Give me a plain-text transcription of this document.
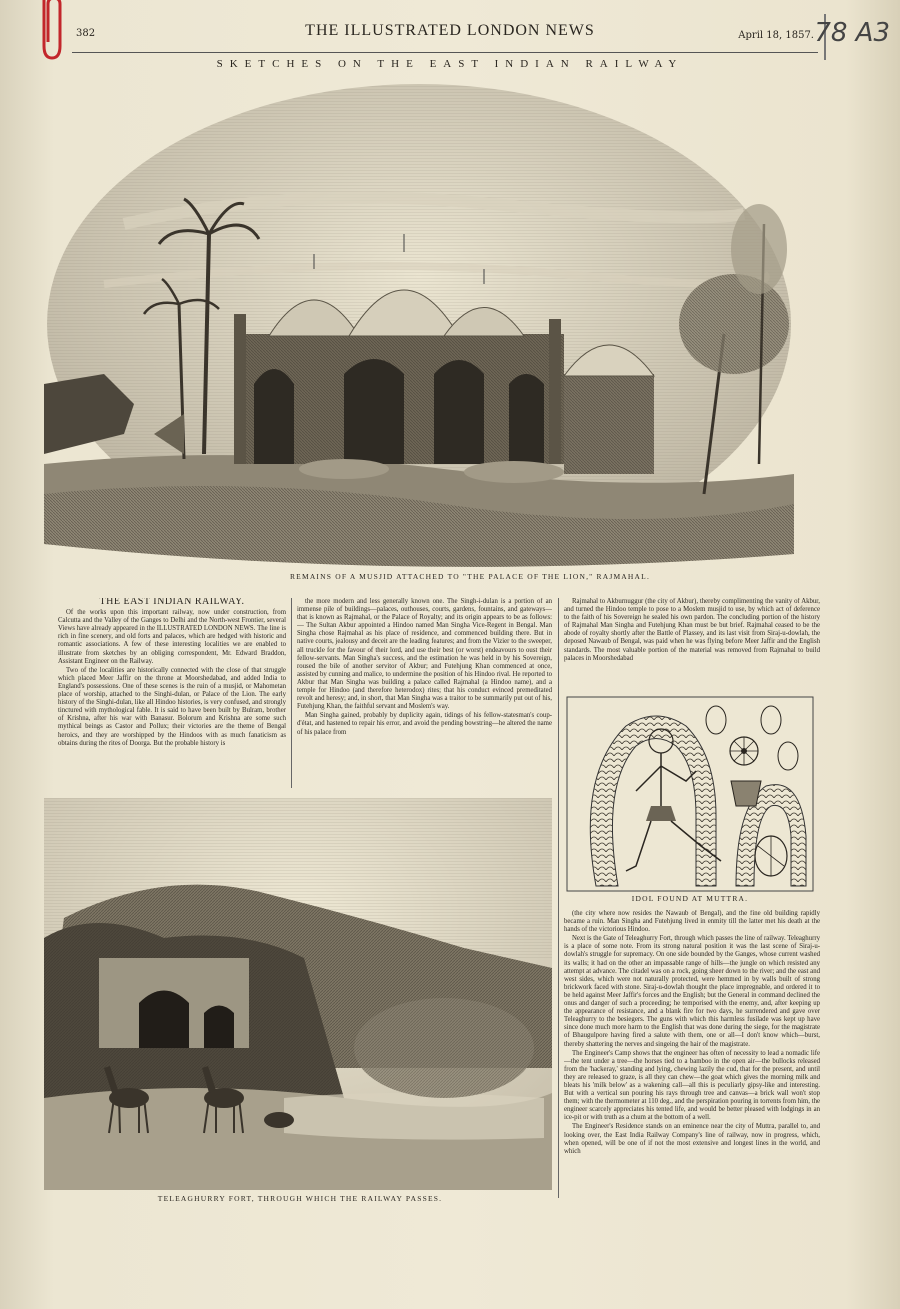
382	THE ILLUSTRATED LONDON NEWS	April 18, 1857. 78 A3
SKETCHES ON THE EAST INDIAN RAILWAY
REMAINS OF A MUSJID ATTACHED TO "THE PALACE OF THE LION," RAJMAHAL.
THE EAST INDIAN RAILWAY.

Of the works upon this important railway, now under construction, from Calcutta and the Valley of the Ganges to Delhi and the North-west Frontier, several Views have already appeared in the ILLUSTRATED LONDON NEWS. The line is rich in fine scenery, and old forts and palaces, which are hedged with historic and romantic associations. A few of these interesting localities we are enabled to illustrate from sketches by an obliging correspondent, Mr. Edward Braddon, Assistant Engineer on the Railway.

Two of the localities are historically connected with the close of that struggle which placed Meer Jaffir on the throne at Moorshedabad, and added India to England's possessions. One of these scenes is the ruin of a musjid, or Mahometan place of worship, attached to the Singhi-dulan, or Palace of the Lion. The early history of the Singhi-dulan, like all Hindoo histories, is very confused, and strongly tinctured with mythological fable. It is said to have been built by Bulram, brother of Krishna, after his war with Banasur. Bolorum and Krishna are some such mythical beings as Castor and Pollux; their victories are the theme of Bengal heroics, and they are worshipped by the Hindoos with as much fanaticism as obtains during the rites of Doorga. But the probable history is

the more modern and less generally known one. The Singh-i-dulan is a portion of an immense pile of buildings—palaces, outhouses, courts, gardens, fountains, and gateways—that is known as Rajmahal, or the Palace of Royalty; and its origin appears to be as follows:— The Sultan Akbur appointed a Hindoo named Man Singha Vice-Regent in Bengal. Man Singha chose Rajmahal as his place of residence, and commenced building there. But in native courts, jealousy and deceit are the leading features; and from the Vizier to the sweeper, all truckle for the favour of their lord, and use their best (or worst) endeavours to oust their fellow-servants. Man Singha's success, and the estimation he was held in by his Sovereign, roused the bile of another servitor of Akbur; and Futehjung Khan commenced at once, assisted by cunning and malice, to undermine the position of his Hindoo rival. He reported to Akbur that Man Singha was building a palace called Rajmahal (a Hindoo name), and a temple for Hindoo (and therefore heterodox) rites; that his conduct evinced premeditated revolt and heresy; and, in short, that Man Singha was a traitor to be summarily put out of his, Futehjung Khan, the faithful servant and Moslem's way.

Man Singha gained, probably by duplicity again, tidings of his fellow-statesman's coup-d'état, and hastened to repair his error, and avoid the pending bowstring—he altered the name of his palace from

Rajmahal to Akburnuggur (the city of Akbur), thereby complimenting the vanity of Akbur, and turned the Hindoo temple to pose to a Moslem musjid to use, by which act of deference to the faith of his Sovereign he sealed his own pardon. The concluding portion of the history of Rajmahal Man Singha and Futehjung Khan must be but brief. Rajmahal ceased to be the abode of royalty shortly after the Battle of Plassey, and its last visit from Siraj-u-dowlah, the deposed Nawaub of Bengal, was paid when he was flying before Meer Jaffir and the English standards. The most valuable portion of the material was removed from Rajmahal to build palaces in Moorshedabad

IDOL FOUND AT MUTTRA.

(the city where now resides the Nawaub of Bengal), and the fine old building rapidly became a ruin. Man Singha and Futehjung lived in enmity till the latter met his death at the hands of the victorious Hindoo.

Next is the Gate of Teleaghurry Fort, through which passes the line of railway. Teleaghurry is a place of some note. From its strong natural position it was the last scene of Siraj-u-dowlah's struggle for supremacy. On one side bounded by the Ganges, whose current washed its walls; it had on the other an impassable range of hills—the jungle on which resisted any attempt at advance. The citadel was on a rock, going sheer down to the river; and the east and west sides, which were not naturally protected, were hemmed in by walls built of strong brickwork faced with stone. Siraj-u-dowlah thought the place impregnable, and ordered it to be held against Meer Jaffir's forces and the English; but the General in command declined the onus and danger of such a proceeding; he temporised with the enemy, and, after keeping up the appearance of resistance, and a blank fire for two days, he surrendered and gave over Teleaghurry to the besiegers. The guns with which this harmless fusilade was kept up have since done much more harm to the English that was done during the siege, for the magistrate of Bhaugulpore having fired a salute with them, one or all—I don't know which—burst, thereby shattering the nerves and singeing the hair of the magistrate.

The Engineer's Camp shows that the engineer has often of necessity to lead a nomadic life—the tent under a tree—the horses tied to a bamboo in the open air—the bullocks released from the 'hackeray,' standing and lying, chewing lazily the cud, that for the present, and until they are released to graze, is all they can chew—the goat which gives the morning milk and bleats his 'milk below' as a wakening call—all this is peculiarly gipsy-like and interesting. But with a vertical sun pouring his rays through tree and canvas—a brick wall won't stop them; with the thermometer at 110 deg., and the perspiration pouring in torrents from him, the engineer scarcely appreciates his tented life, and would be better pleased with lodgings in an ice-pit or with truth as a chum at the bottom of a well.

The Engineer's Residence stands on an eminence near the city of Muttra, parallel to, and looking over, the East India Railway Company's line of railway, now in progress, which, when opened, will be one of if not the most extensive and longest lines in the world, and which

TELEAGHURRY FORT, THROUGH WHICH THE RAILWAY PASSES.
